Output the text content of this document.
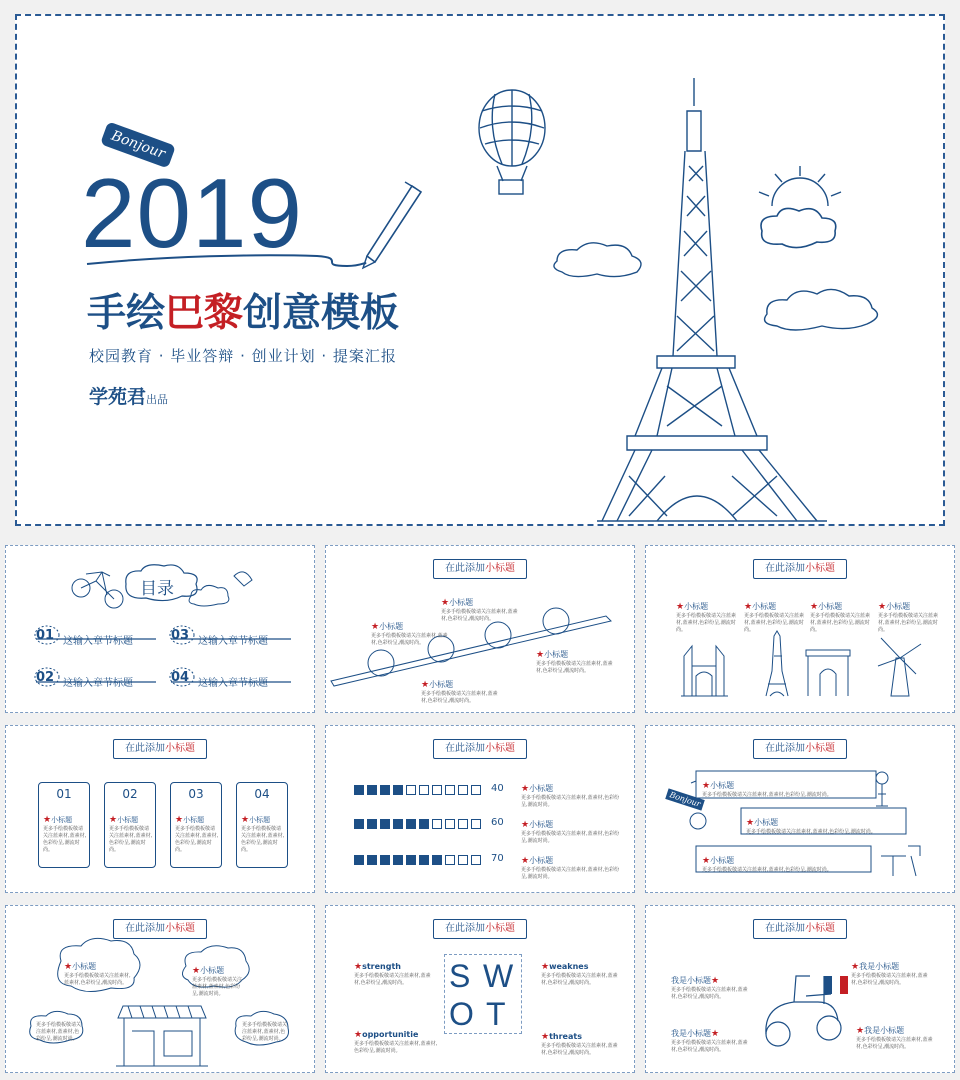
Bonjour
2019
手绘巴黎创意模板
校园教育 · 毕业答辩 · 创业计划 · 提案汇报
学苑君出品
目录
01 这输入章节标题	03 这输入章节标题
02 这输入章节标题	04 这输入章节标题
在此添加小标题
★小标题
更多手绘模板敬请关注蓝素材,蓝素材,色彩纷呈,潮流时尚。
★小标题
更多手绘模板敬请关注蓝素材,蓝素材,色彩纷呈,潮流时尚。
★小标题
更多手绘模板敬请关注蓝素材,蓝素材,色彩纷呈,潮流时尚。
★小标题
更多手绘模板敬请关注蓝素材,蓝素材,色彩纷呈,潮流时尚。
在此添加小标题
★小标题
更多手绘模板敬请关注蓝素材,蓝素材,色彩纷呈,潮流时尚。
★小标题
更多手绘模板敬请关注蓝素材,蓝素材,色彩纷呈,潮流时尚。
★小标题
更多手绘模板敬请关注蓝素材,蓝素材,色彩纷呈,潮流时尚。
★小标题
更多手绘模板敬请关注蓝素材,蓝素材,色彩纷呈,潮流时尚。
在此添加小标题
01
★小标题
更多手绘模板敬请关注蓝素材,蓝素材,色彩纷呈,潮流时尚。
02
★小标题
更多手绘模板敬请关注蓝素材,蓝素材,色彩纷呈,潮流时尚。
03
★小标题
更多手绘模板敬请关注蓝素材,蓝素材,色彩纷呈,潮流时尚。
04
★小标题
更多手绘模板敬请关注蓝素材,蓝素材,色彩纷呈,潮流时尚。
在此添加小标题
40
60
70
★小标题
更多手绘模板敬请关注蓝素材,蓝素材,色彩纷呈,潮流时尚。
★小标题
更多手绘模板敬请关注蓝素材,蓝素材,色彩纷呈,潮流时尚。
★小标题
更多手绘模板敬请关注蓝素材,蓝素材,色彩纷呈,潮流时尚。
在此添加小标题
Bonjour
★小标题
更多手绘模板敬请关注蓝素材,蓝素材,色彩纷呈,潮流时尚。
★小标题
更多手绘模板敬请关注蓝素材,蓝素材,色彩纷呈,潮流时尚。
★小标题
更多手绘模板敬请关注蓝素材,蓝素材,色彩纷呈,潮流时尚。
在此添加小标题
★小标题
更多手绘模板敬请关注蓝素材,蓝素材,色彩纷呈,潮流时尚。
★小标题
更多手绘模板敬请关注蓝素材,蓝素材,色彩纷呈,潮流时尚。
更多手绘模板敬请关注蓝素材,蓝素材,色彩纷呈,潮流时尚。
更多手绘模板敬请关注蓝素材,蓝素材,色彩纷呈,潮流时尚。
在此添加小标题
S W
O T
★strength
更多手绘模板敬请关注蓝素材,蓝素材,色彩纷呈,潮流时尚。
★weaknes
更多手绘模板敬请关注蓝素材,蓝素材,色彩纷呈,潮流时尚。
★opportunitie
更多手绘模板敬请关注蓝素材,蓝素材,色彩纷呈,潮流时尚。
★threats
更多手绘模板敬请关注蓝素材,蓝素材,色彩纷呈,潮流时尚。
在此添加小标题
我是小标题★
更多手绘模板敬请关注蓝素材,蓝素材,色彩纷呈,潮流时尚。
我是小标题★
更多手绘模板敬请关注蓝素材,蓝素材,色彩纷呈,潮流时尚。
★我是小标题
更多手绘模板敬请关注蓝素材,蓝素材,色彩纷呈,潮流时尚。
★我是小标题
更多手绘模板敬请关注蓝素材,蓝素材,色彩纷呈,潮流时尚。
